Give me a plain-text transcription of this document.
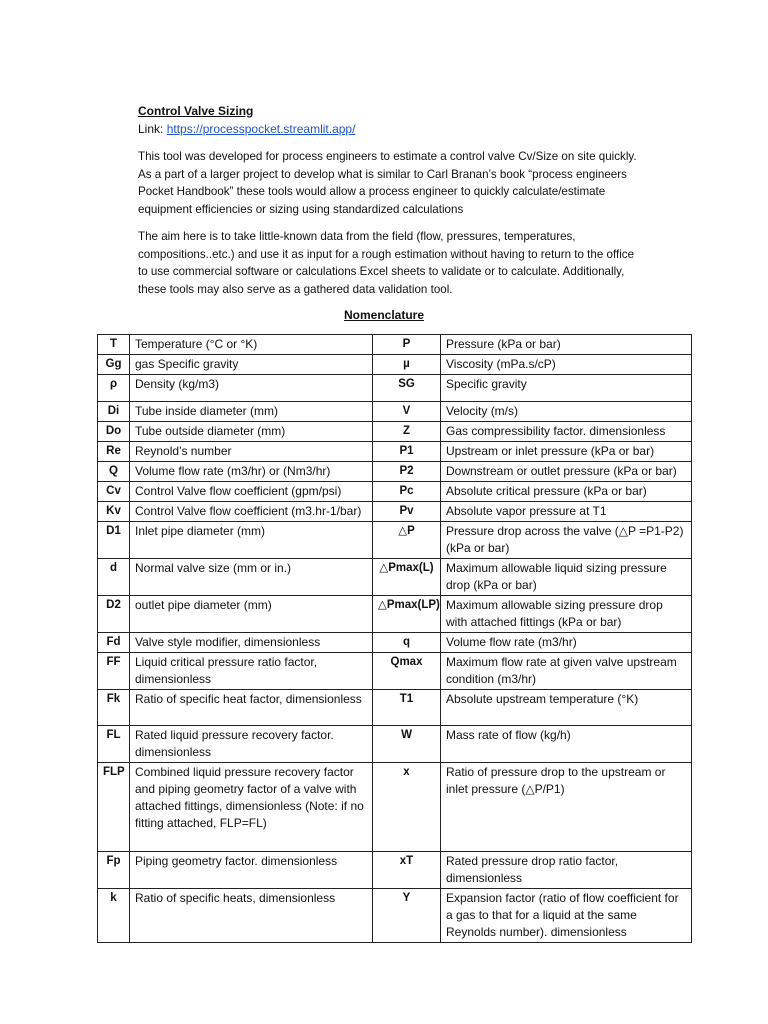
Control Valve Sizing
Link: https://processpocket.streamlit.app/

This tool was developed for process engineers to estimate a control valve Cv/Size on site quickly. As a part of a larger project to develop what is similar to Carl Branan’s book “process engineers Pocket Handbook” these tools would allow a process engineer to quickly calculate/estimate equipment efficiencies or sizing using standardized calculations

The aim here is to take little-known data from the field (flow, pressures, temperatures, compositions..etc.) and use it as input for a rough estimation without having to return to the office to use commercial software or calculations Excel sheets to validate or to calculate. Additionally, these tools may also serve as a gathered data validation tool.

Nomenclature
T	Temperature (°C or °K)	P	Pressure (kPa or bar)
Gg	gas Specific gravity	µ	Viscosity (mPa.s/cP)
ρ	Density (kg/m3)	SG	Specific gravity
Di	Tube inside diameter (mm)	V	Velocity (m/s)
Do	Tube outside diameter (mm)	Z	Gas compressibility factor. dimensionless
Re	Reynold’s number	P1	Upstream or inlet pressure (kPa or bar)
Q	Volume flow rate (m3/hr) or (Nm3/hr)	P2	Downstream or outlet pressure (kPa or bar)
Cv	Control Valve flow coefficient (gpm/psi)	Pc	Absolute critical pressure (kPa or bar)
Kv	Control Valve flow coefficient (m3.hr-1/bar)	Pv	Absolute vapor pressure at T1
D1	Inlet pipe diameter (mm)	△P	Pressure drop across the valve (△P =P1-P2) (kPa or bar)
d	Normal valve size (mm or in.)	△Pmax(L)	Maximum allowable liquid sizing pressure drop (kPa or bar)
D2	outlet pipe diameter (mm)	△Pmax(LP)	Maximum allowable sizing pressure drop with attached fittings (kPa or bar)
Fd	Valve style modifier, dimensionless	q	Volume flow rate (m3/hr)
FF	Liquid critical pressure ratio factor, dimensionless	Qmax	Maximum flow rate at given valve upstream condition (m3/hr)
Fk	Ratio of specific heat factor, dimensionless	T1	Absolute upstream temperature (°K)
FL	Rated liquid pressure recovery factor. dimensionless	W	Mass rate of flow (kg/h)
FLP	Combined liquid pressure recovery factor and piping geometry factor of a valve with attached fittings, dimensionless (Note: if no fitting attached, FLP=FL)	x	Ratio of pressure drop to the upstream or inlet pressure (△P/P1)
Fp	Piping geometry factor. dimensionless	xT	Rated pressure drop ratio factor, dimensionless
k	Ratio of specific heats, dimensionless	Y	Expansion factor (ratio of flow coefficient for a gas to that for a liquid at the same Reynolds number). dimensionless
